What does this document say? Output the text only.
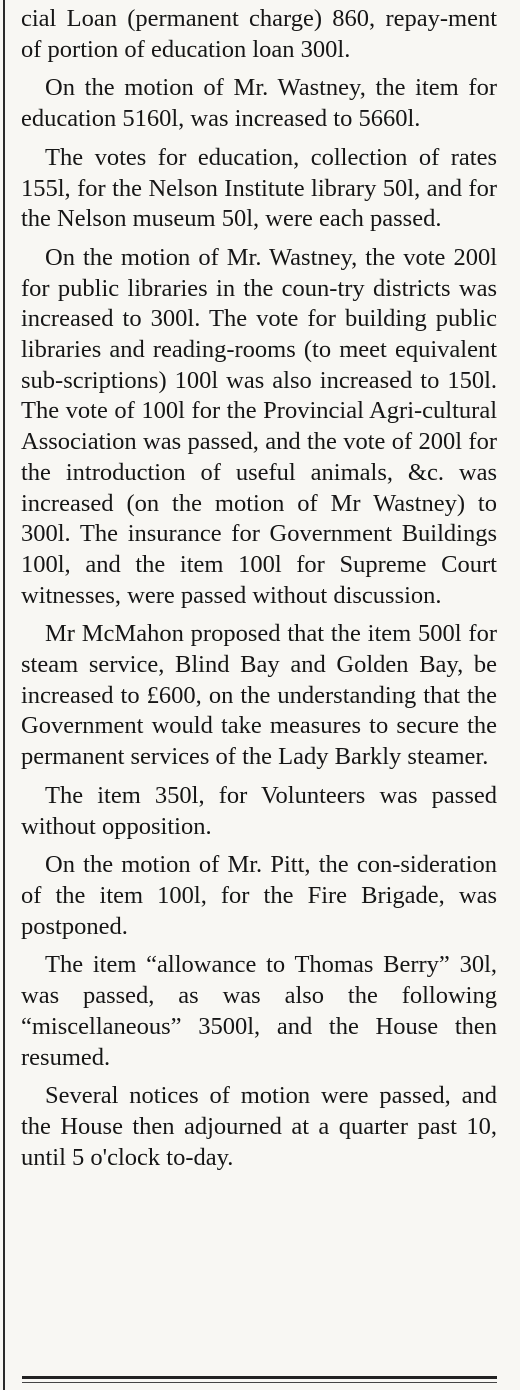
cial Loan (permanent charge) 860, repay-ment of portion of education loan 300l.

On the motion of Mr. Wastney, the item for education 5160l, was increased to 5660l.

The votes for education, collection of rates 155l, for the Nelson Institute library 50l, and for the Nelson museum 50l, were each passed.

On the motion of Mr. Wastney, the vote 200l for public libraries in the coun-try districts was increased to 300l. The vote for building public libraries and reading-rooms (to meet equivalent sub-scriptions) 100l was also increased to 150l. The vote of 100l for the Provincial Agri-cultural Association was passed, and the vote of 200l for the introduction of useful animals, &c. was increased (on the motion of Mr Wastney) to 300l. The insurance for Government Buildings 100l, and the item 100l for Supreme Court witnesses, were passed without discussion.

Mr McMahon proposed that the item 500l for steam service, Blind Bay and Golden Bay, be increased to £600, on the understanding that the Government would take measures to secure the permanent services of the Lady Barkly steamer.

The item 350l, for Volunteers was passed without opposition.

On the motion of Mr. Pitt, the con-sideration of the item 100l, for the Fire Brigade, was postponed.

The item “allowance to Thomas Berry” 30l, was passed, as was also the following “miscellaneous” 3500l, and the House then resumed.

Several notices of motion were passed, and the House then adjourned at a quarter past 10, until 5 o'clock to-day.
